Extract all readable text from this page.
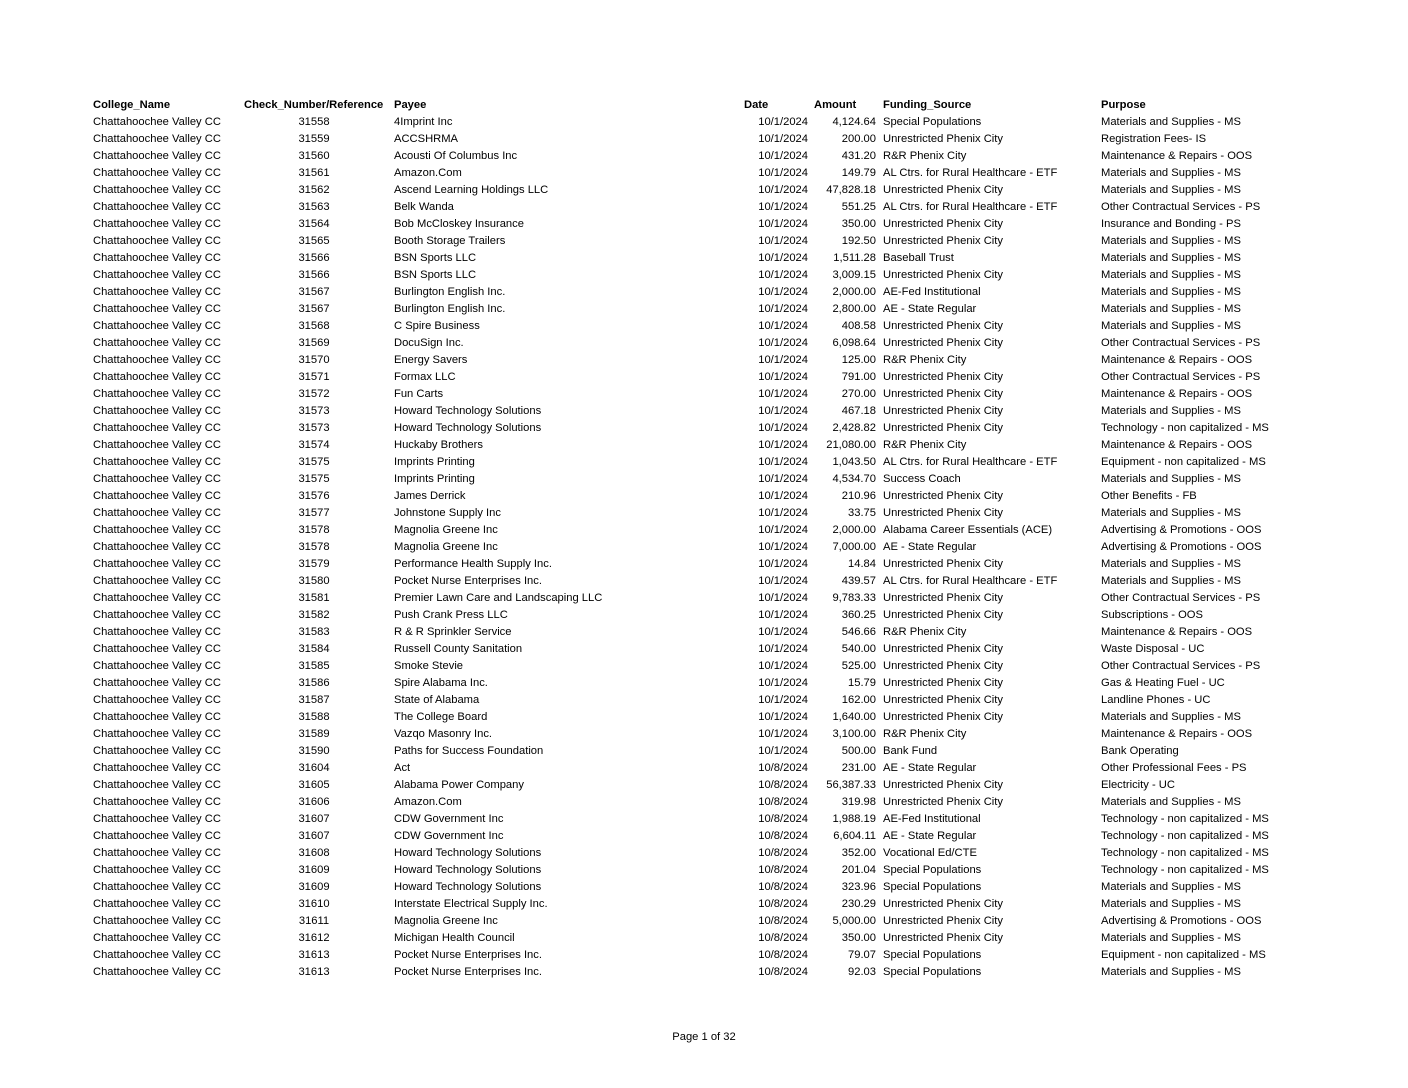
College_Name	Check_Number/Reference Payee	Date	Amount Funding_Source	Purpose
Chattahoochee Valley CC	31558	4Imprint Inc	10/1/2024	4,124.64 Special Populations	Materials and Supplies - MS
Chattahoochee Valley CC	31559	ACCSHRMA	10/1/2024	200.00 Unrestricted Phenix City	Registration Fees- IS
Chattahoochee Valley CC	31560	Acousti Of Columbus Inc	10/1/2024	431.20 R&R Phenix City	Maintenance & Repairs - OOS
Chattahoochee Valley CC	31561	Amazon.Com	10/1/2024	149.79 AL Ctrs. for Rural Healthcare - ETF	Materials and Supplies - MS
Chattahoochee Valley CC	31562	Ascend Learning Holdings LLC	10/1/2024	47,828.18 Unrestricted Phenix City	Materials and Supplies - MS
Chattahoochee Valley CC	31563	Belk Wanda	10/1/2024	551.25 AL Ctrs. for Rural Healthcare - ETF	Other Contractual Services - PS
Chattahoochee Valley CC	31564	Bob McCloskey Insurance	10/1/2024	350.00 Unrestricted Phenix City	Insurance and Bonding - PS
Chattahoochee Valley CC	31565	Booth Storage Trailers	10/1/2024	192.50 Unrestricted Phenix City	Materials and Supplies - MS
Chattahoochee Valley CC	31566	BSN Sports LLC	10/1/2024	1,511.28 Baseball Trust	Materials and Supplies - MS
Chattahoochee Valley CC	31566	BSN Sports LLC	10/1/2024	3,009.15 Unrestricted Phenix City	Materials and Supplies - MS
Chattahoochee Valley CC	31567	Burlington English Inc.	10/1/2024	2,000.00 AE-Fed Institutional	Materials and Supplies - MS
Chattahoochee Valley CC	31567	Burlington English Inc.	10/1/2024	2,800.00 AE - State Regular	Materials and Supplies - MS
Chattahoochee Valley CC	31568	C Spire Business	10/1/2024	408.58 Unrestricted Phenix City	Materials and Supplies - MS
Chattahoochee Valley CC	31569	DocuSign Inc.	10/1/2024	6,098.64 Unrestricted Phenix City	Other Contractual Services - PS
Chattahoochee Valley CC	31570	Energy Savers	10/1/2024	125.00 R&R Phenix City	Maintenance & Repairs - OOS
Chattahoochee Valley CC	31571	Formax LLC	10/1/2024	791.00 Unrestricted Phenix City	Other Contractual Services - PS
Chattahoochee Valley CC	31572	Fun Carts	10/1/2024	270.00 Unrestricted Phenix City	Maintenance & Repairs - OOS
Chattahoochee Valley CC	31573	Howard Technology Solutions	10/1/2024	467.18 Unrestricted Phenix City	Materials and Supplies - MS
Chattahoochee Valley CC	31573	Howard Technology Solutions	10/1/2024	2,428.82 Unrestricted Phenix City	Technology - non capitalized - MS
Chattahoochee Valley CC	31574	Huckaby Brothers	10/1/2024	21,080.00 R&R Phenix City	Maintenance & Repairs - OOS
Chattahoochee Valley CC	31575	Imprints Printing	10/1/2024	1,043.50 AL Ctrs. for Rural Healthcare - ETF	Equipment - non capitalized - MS
Chattahoochee Valley CC	31575	Imprints Printing	10/1/2024	4,534.70 Success Coach	Materials and Supplies - MS
Chattahoochee Valley CC	31576	James Derrick	10/1/2024	210.96 Unrestricted Phenix City	Other Benefits - FB
Chattahoochee Valley CC	31577	Johnstone Supply Inc	10/1/2024	33.75 Unrestricted Phenix City	Materials and Supplies - MS
Chattahoochee Valley CC	31578	Magnolia Greene Inc	10/1/2024	2,000.00 Alabama Career Essentials (ACE)	Advertising & Promotions - OOS
Chattahoochee Valley CC	31578	Magnolia Greene Inc	10/1/2024	7,000.00 AE - State Regular	Advertising & Promotions - OOS
Chattahoochee Valley CC	31579	Performance Health Supply Inc.	10/1/2024	14.84 Unrestricted Phenix City	Materials and Supplies - MS
Chattahoochee Valley CC	31580	Pocket Nurse Enterprises Inc.	10/1/2024	439.57 AL Ctrs. for Rural Healthcare - ETF	Materials and Supplies - MS
Chattahoochee Valley CC	31581	Premier Lawn Care and Landscaping LLC	10/1/2024	9,783.33 Unrestricted Phenix City	Other Contractual Services - PS
Chattahoochee Valley CC	31582	Push Crank Press LLC	10/1/2024	360.25 Unrestricted Phenix City	Subscriptions - OOS
Chattahoochee Valley CC	31583	R & R Sprinkler Service	10/1/2024	546.66 R&R Phenix City	Maintenance & Repairs - OOS
Chattahoochee Valley CC	31584	Russell County Sanitation	10/1/2024	540.00 Unrestricted Phenix City	Waste Disposal - UC
Chattahoochee Valley CC	31585	Smoke Stevie	10/1/2024	525.00 Unrestricted Phenix City	Other Contractual Services - PS
Chattahoochee Valley CC	31586	Spire Alabama Inc.	10/1/2024	15.79 Unrestricted Phenix City	Gas & Heating Fuel - UC
Chattahoochee Valley CC	31587	State of Alabama	10/1/2024	162.00 Unrestricted Phenix City	Landline Phones - UC
Chattahoochee Valley CC	31588	The College Board	10/1/2024	1,640.00 Unrestricted Phenix City	Materials and Supplies - MS
Chattahoochee Valley CC	31589	Vazqo Masonry Inc.	10/1/2024	3,100.00 R&R Phenix City	Maintenance & Repairs - OOS
Chattahoochee Valley CC	31590	Paths for Success Foundation	10/1/2024	500.00 Bank Fund	Bank Operating
Chattahoochee Valley CC	31604	Act	10/8/2024	231.00 AE - State Regular	Other Professional Fees - PS
Chattahoochee Valley CC	31605	Alabama Power Company	10/8/2024	56,387.33 Unrestricted Phenix City	Electricity - UC
Chattahoochee Valley CC	31606	Amazon.Com	10/8/2024	319.98 Unrestricted Phenix City	Materials and Supplies - MS
Chattahoochee Valley CC	31607	CDW Government Inc	10/8/2024	1,988.19 AE-Fed Institutional	Technology - non capitalized - MS
Chattahoochee Valley CC	31607	CDW Government Inc	10/8/2024	6,604.11 AE - State Regular	Technology - non capitalized - MS
Chattahoochee Valley CC	31608	Howard Technology Solutions	10/8/2024	352.00 Vocational Ed/CTE	Technology - non capitalized - MS
Chattahoochee Valley CC	31609	Howard Technology Solutions	10/8/2024	201.04 Special Populations	Technology - non capitalized - MS
Chattahoochee Valley CC	31609	Howard Technology Solutions	10/8/2024	323.96 Special Populations	Materials and Supplies - MS
Chattahoochee Valley CC	31610	Interstate Electrical Supply Inc.	10/8/2024	230.29 Unrestricted Phenix City	Materials and Supplies - MS
Chattahoochee Valley CC	31611	Magnolia Greene Inc	10/8/2024	5,000.00 Unrestricted Phenix City	Advertising & Promotions - OOS
Chattahoochee Valley CC	31612	Michigan Health Council	10/8/2024	350.00 Unrestricted Phenix City	Materials and Supplies - MS
Chattahoochee Valley CC	31613	Pocket Nurse Enterprises Inc.	10/8/2024	79.07 Special Populations	Equipment - non capitalized - MS
Chattahoochee Valley CC	31613	Pocket Nurse Enterprises Inc.	10/8/2024	92.03 Special Populations	Materials and Supplies - MS
Page 1 of 32
